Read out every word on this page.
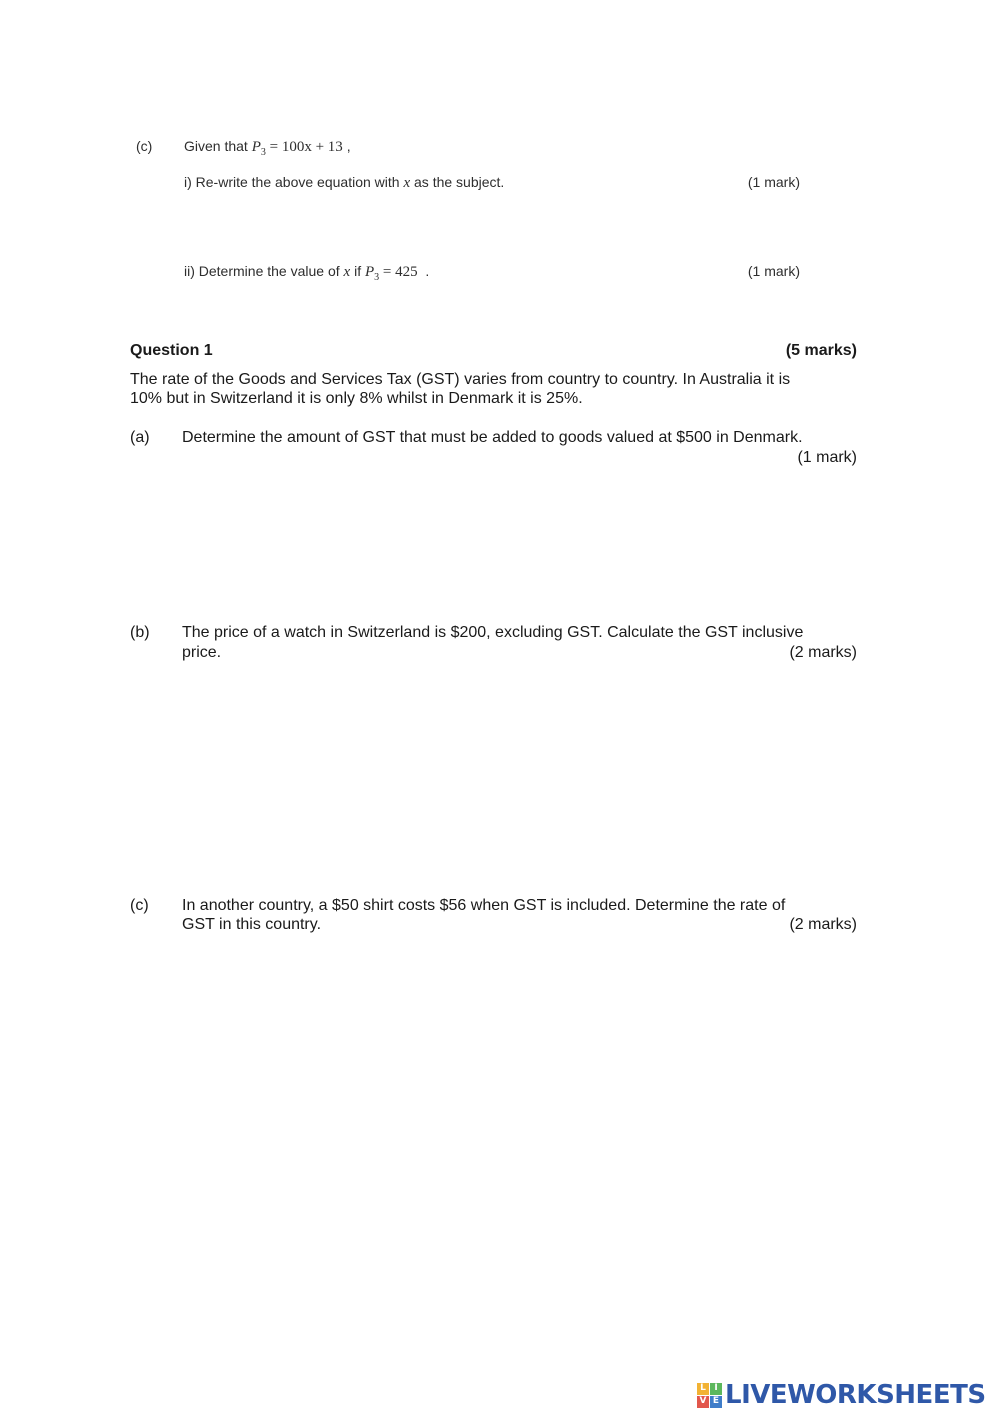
(c) Given that $P_3 = 100x + 13$ ,
i) Re-write the above equation with x as the subject.	(1 mark)
ii) Determine the value of x if $P_3 = 425$  .	(1 mark)
Question 1	(5 marks)
The rate of the Goods and Services Tax (GST) varies from country to country. In Australia it is
10% but in Switzerland it is only 8% whilst in Denmark it is 25%.
(a) Determine the amount of GST that must be added to goods valued at $500 in Denmark.
(1 mark)
(b) The price of a watch in Switzerland is $200, excluding GST. Calculate the GST inclusive
price.	(2 marks)
(c) In another country, a $50 shirt costs $56 when GST is included. Determine the rate of
GST in this country.	(2 marks)
L I
V E LIVEWORKSHEETS
